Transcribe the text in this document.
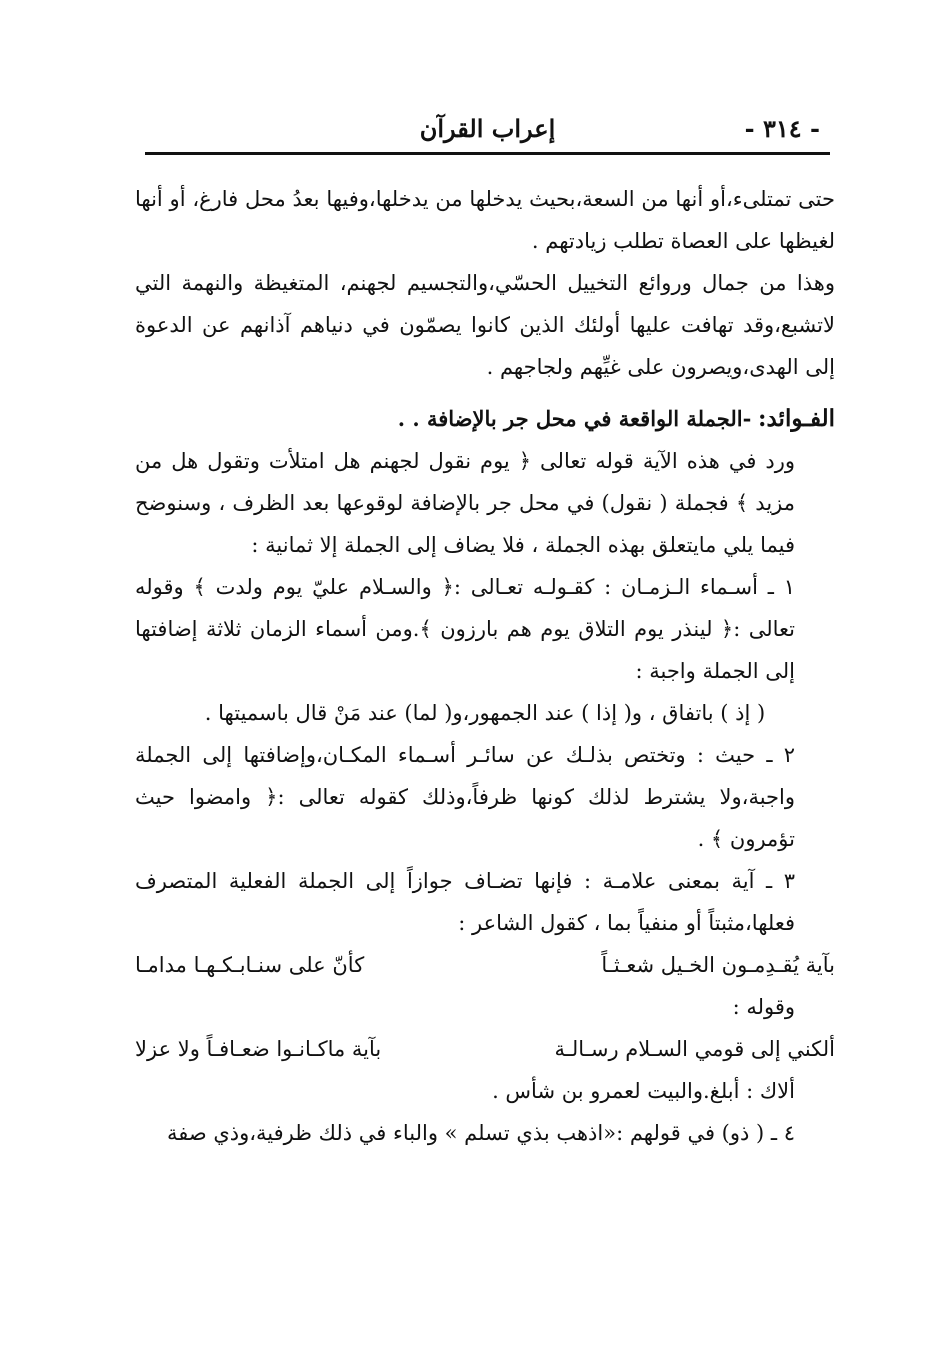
- ٣١٤ -
إعراب القرآن

حتى تمتلىء،أو أنها من السعة،بحيث يدخلها من يدخلها،وفيها بعدُ محل فارغ، أو أنها لغيظها على العصاة تطلب زيادتهم .

وهذا من جمال وروائع التخييل الحسّي،والتجسيم لجهنم، المتغيظة والنهمة التي لاتشبع،وقد تهافت عليها أولئك الذين كانوا يصمّون في دنياهم آذانهم عن الدعوة إلى الهدى،ويصرون على غيِّهم ولجاجهم .

الفـوائد: -الجملة الواقعة في محل جر بالإضافة . .

ورد في هذه الآية قوله تعالى ﴿ يوم نقول لجهنم هل امتلأت وتقول هل من مزيد ﴾ فجملة ( نقول) في محل جر بالإضافة لوقوعها بعد الظرف ، وسنوضح فيما يلي مايتعلق بهذه الجملة ، فلا يضاف إلى الجملة إلا ثمانية :

١ ـ أسـماء الـزمـان : كقـولـه تعـالى :﴿ والسـلام عليّ يوم ولدت ﴾ وقوله تعالى :﴿ لينذر يوم التلاق يوم هم بارزون ﴾.ومن أسماء الزمان ثلاثة إضافتها إلى الجملة واجبة :

( إذ ) باتفاق ، و( إذا ) عند الجمهور،و( لما) عند مَنْ قال باسميتها .

٢ ـ حيث : وتختص بذلـك عن سائـر أسـماء المكـان،وإضافتها إلى الجملة واجبة،ولا يشترط لذلك كونها ظرفاً،وذلك كقوله تعالى :﴿ وامضوا حيث تؤمرون ﴾ .

٣ ـ آية بمعنى علامـة : فإنها تضـاف جوازاً إلى الجملة الفعلية المتصرف فعلها،مثبتاً أو منفياً بما ، كقول الشاعر :

بآية يُقـدِمـون الخـيل شعـثـاً
كأنّ على سنـابـكـهـا مدامـا

وقوله :

ألكني إلى قومي السـلام رسـالـة
بآية ماكـانـوا ضعـافـاً ولا عزلا

ألاك : أبلغ.والبيت لعمرو بن شأس .

٤ ـ ( ذو) في قولهم :«اذهب بذي تسلم » والباء في ذلك ظرفية،وذي صفة
